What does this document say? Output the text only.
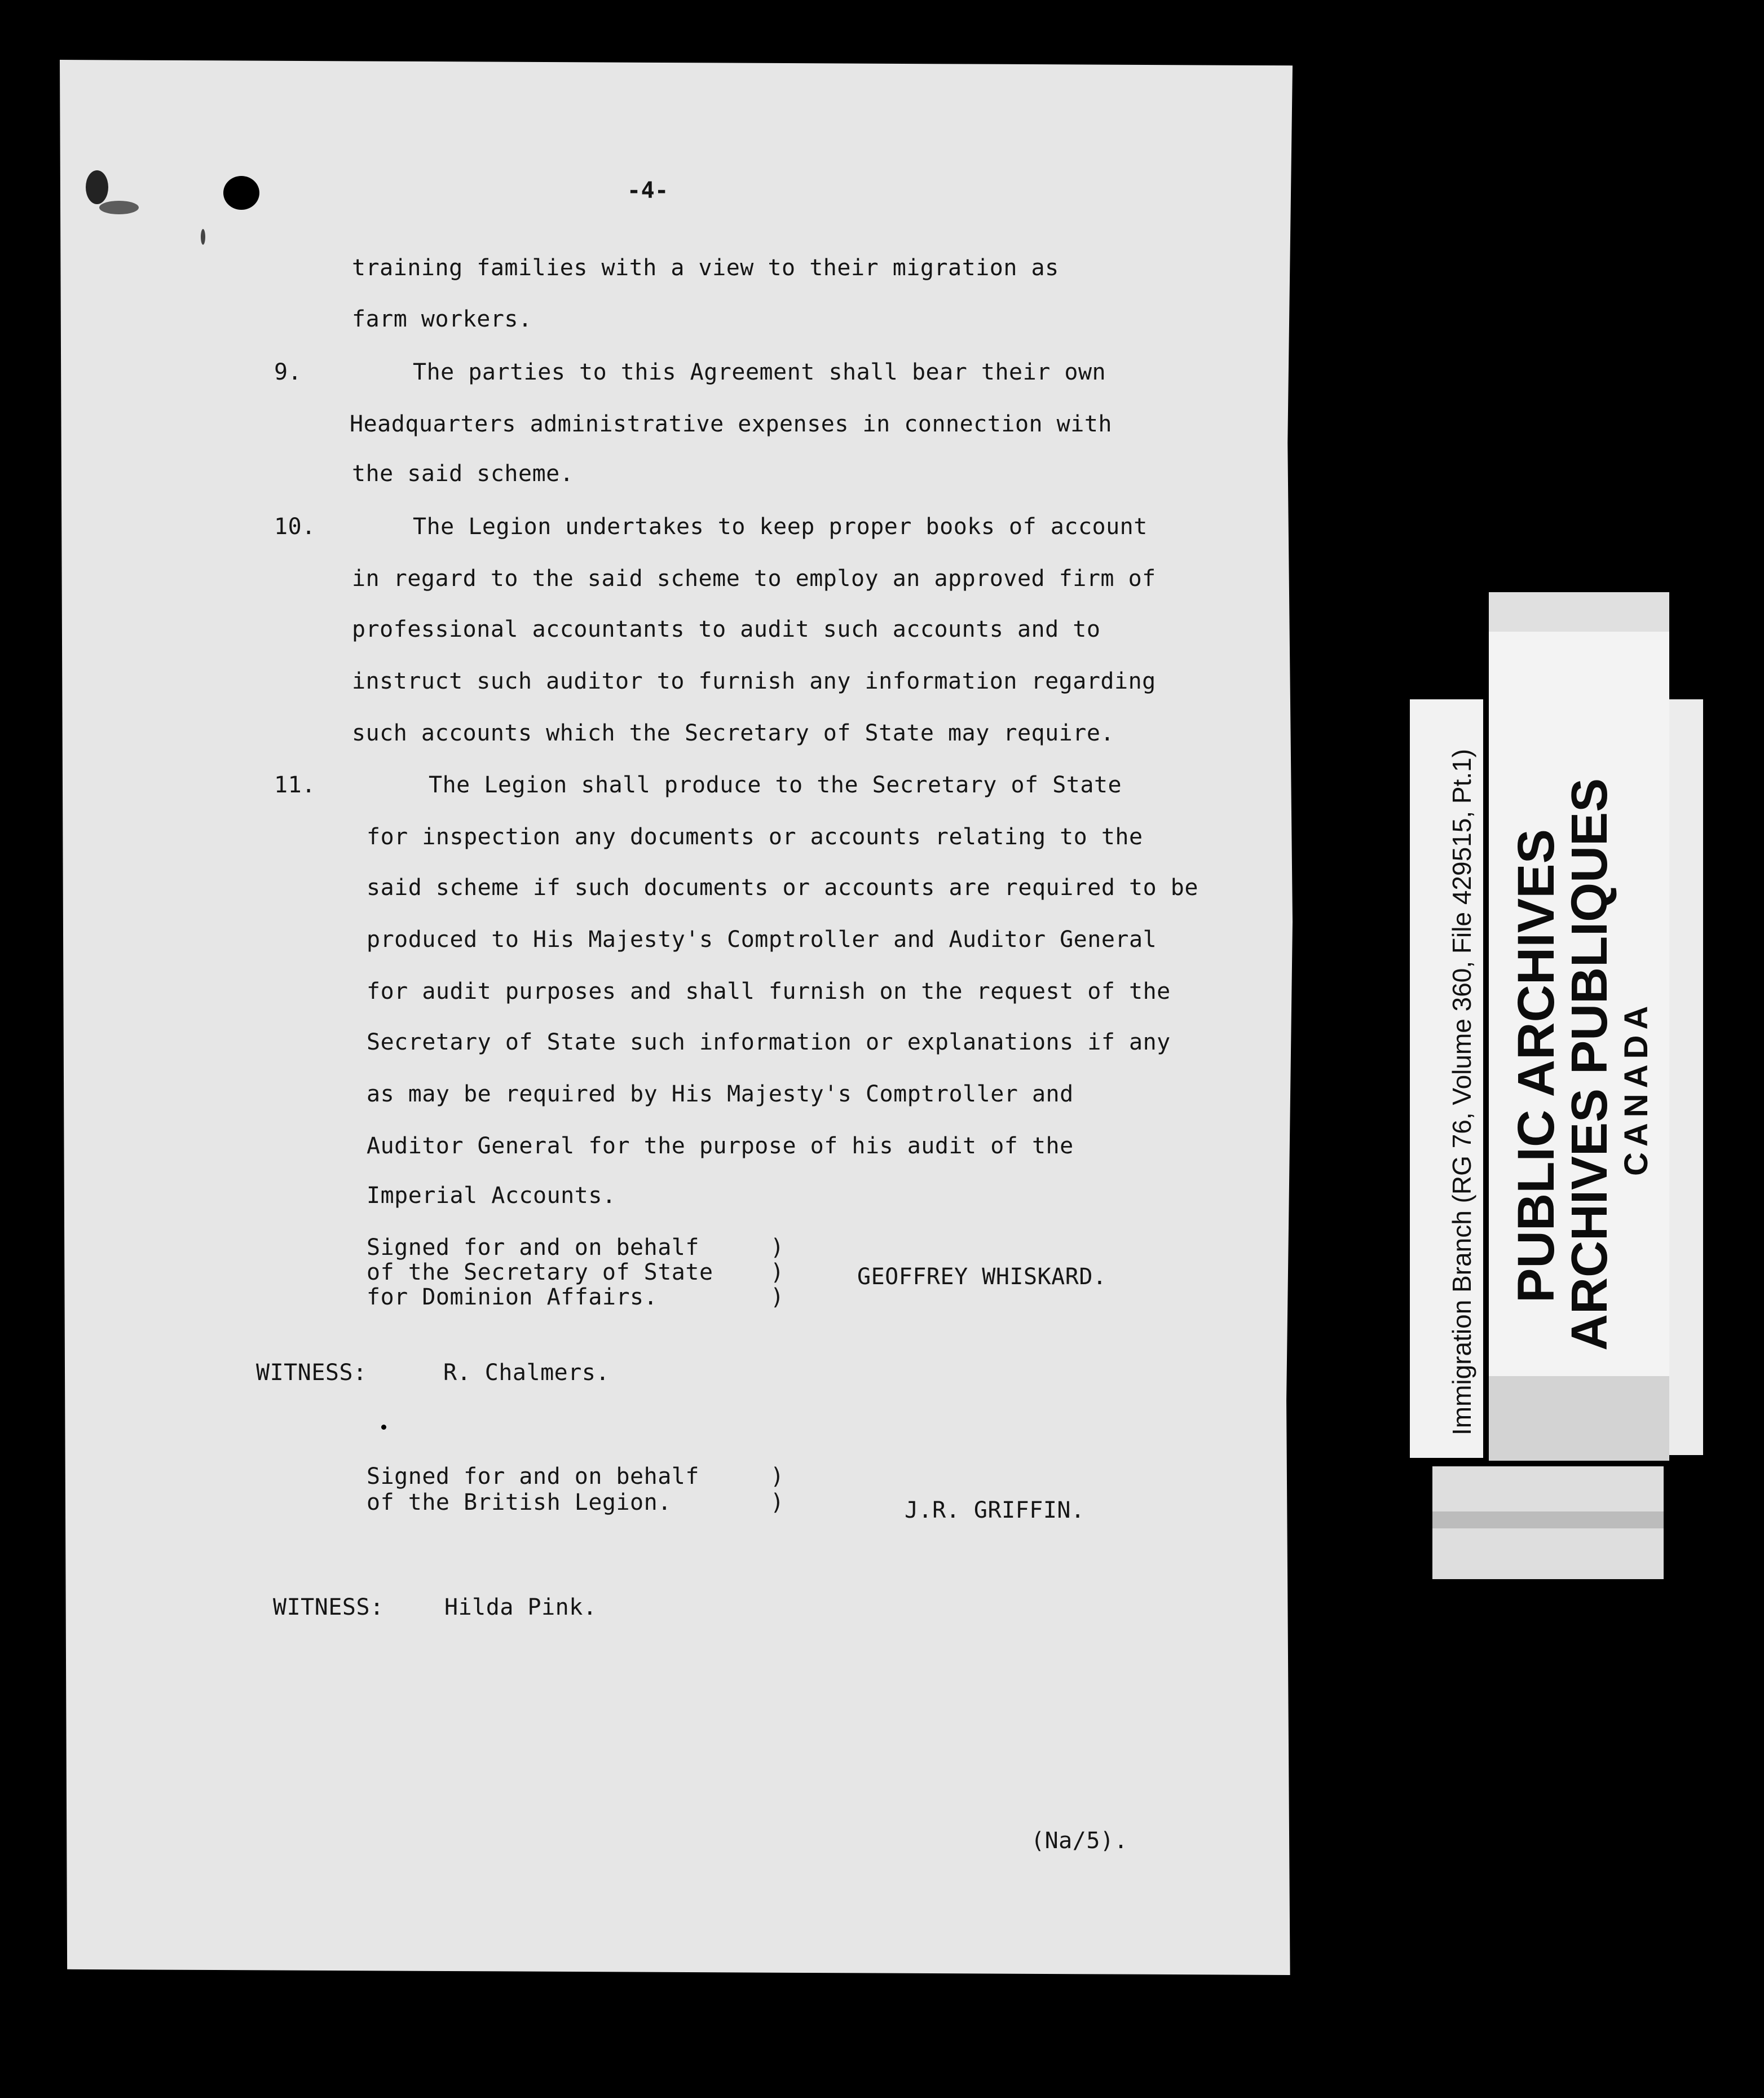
-4-
training families with a view to their migration as
farm workers.
9.	The parties to this Agreement shall bear their own
Headquarters administrative expenses in connection with
the said scheme.
10.	The Legion undertakes to keep proper books of account
in regard to the said scheme to employ an approved firm of
professional accountants to audit such accounts and to
instruct such auditor to furnish any information regarding
such accounts which the Secretary of State may require.
11.	The Legion shall produce to the Secretary of State
for inspection any documents or accounts relating to the
said scheme if such documents or accounts are required to be
produced to His Majesty's Comptroller and Auditor General
for audit purposes and shall furnish on the request of the
Secretary of State such information or explanations if any
as may be required by His Majesty's Comptroller and
Auditor General for the purpose of his audit of the
Imperial Accounts.
Signed for and on behalf
of the Secretary of State
for Dominion Affairs.
)
)
)
GEOFFREY WHISKARD.
WITNESS:	R. Chalmers.
Signed for and on behalf
of the British Legion.
)
)	J.R. GRIFFIN.
WITNESS:	Hilda Pink.
(Na/5).
Immigration Branch (RG 76, Volume 360, File 429515, Pt.1) PUBLIC ARCHIVES
ARCHIVES PUBLIQUES CANADA
